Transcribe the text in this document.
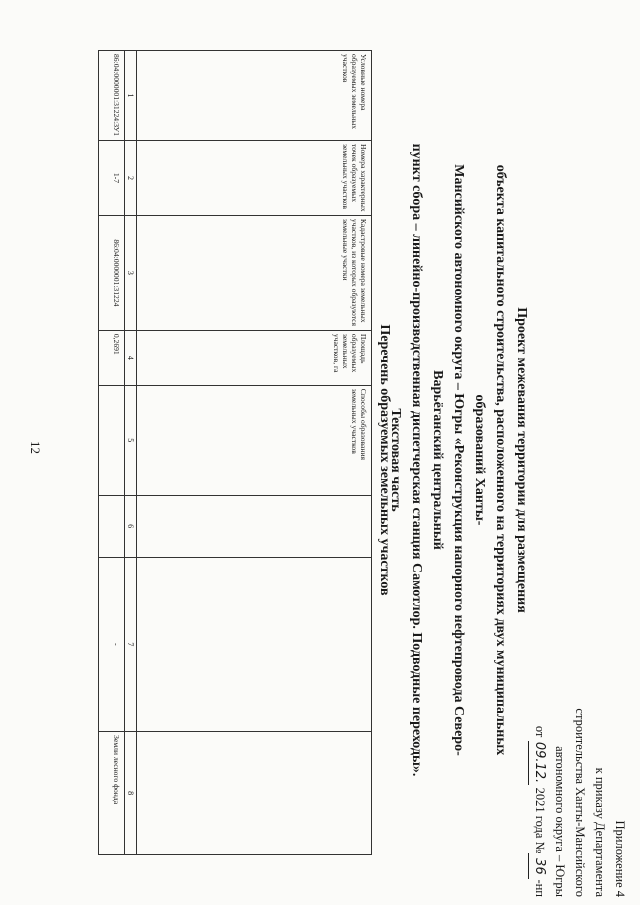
12
Приложение 4
к приказу Департамента
строительства Ханты-Мансийского
автономного округа – Югры
от 09.12. 2021 года №36-нп
Проект межевания территории для размещения
объекта капитального строительства, расположенного на территориях двух муниципальных образований Ханты-
Мансийского автономного округа – Югры «Реконструкция напорного нефтепровода Северо-Варьёганский центральный
пункт сбора – линейно-производственная диспетчерская станция Самотлор. Подводные переходы».
Текстовая часть
Перечень образуемых земельных участков
Условные номера образуемых земельных участков	Номера характерных точек образуемых земельных участков	Кадастровые номера земельных участков, из которых образуются земельные участки	Площадь образуемых земельных участков, га	Способы образования земельных участков			
1	2	3	4	5	6	7	8
86:04:0000001:31224:ЗУ1	1-7	86:04:0000001:31224	0,2691			-	Земли лесного фонда
